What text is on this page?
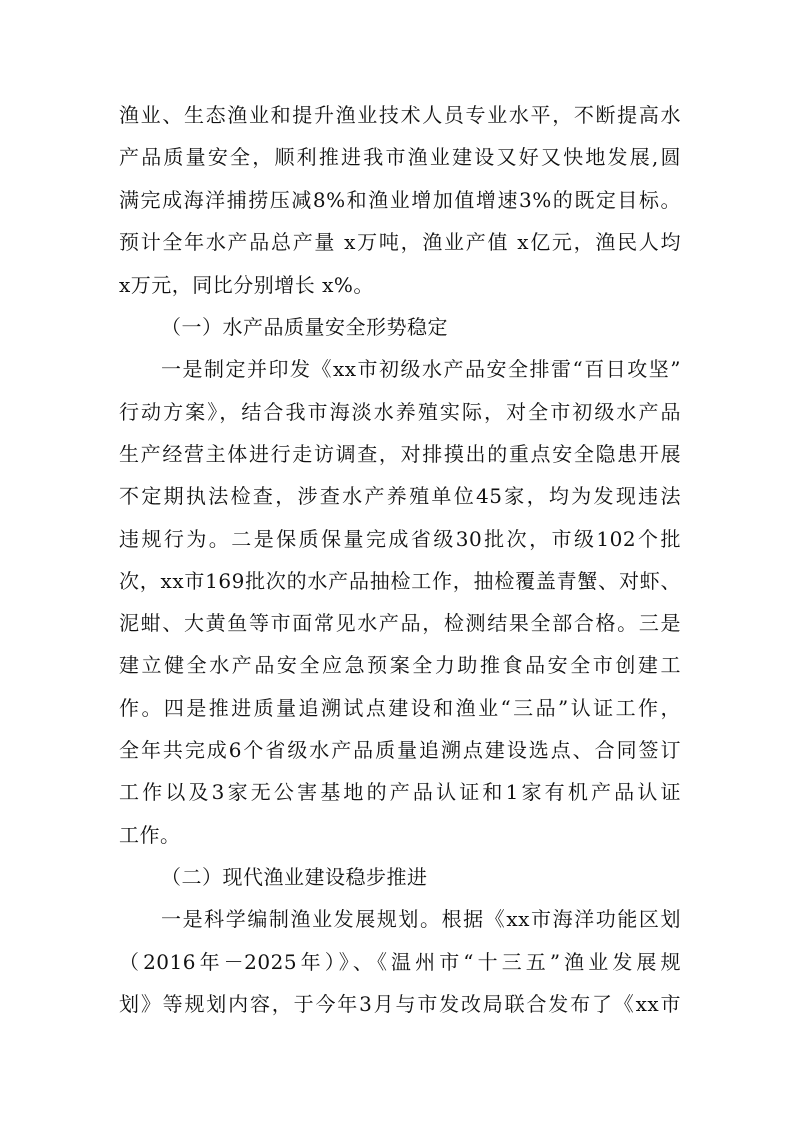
渔业、生态渔业和提升渔业技术人员专业水平，不断提高水
产品质量安全，顺利推进我市渔业建设又好又快地发展,圆
满完成海洋捕捞压减8%和渔业增加值增速3%的既定目标。
预计全年水产品总产量 x万吨，渔业产值 x亿元，渔民人均
x万元，同比分别增长 x%。
（一）水产品质量安全形势稳定
一是制定并印发《xx市初级水产品安全排雷“百日攻坚”
行动方案》，结合我市海淡水养殖实际，对全市初级水产品
生产经营主体进行走访调查，对排摸出的重点安全隐患开展
不定期执法检查，涉查水产养殖单位45家，均为发现违法
违规行为。二是保质保量完成省级30批次，市级102个批
次，xx市169批次的水产品抽检工作，抽检覆盖青蟹、对虾、
泥蚶、大黄鱼等市面常见水产品，检测结果全部合格。三是
建立健全水产品安全应急预案全力助推食品安全市创建工
作。四是推进质量追溯试点建设和渔业“三品”认证工作，
全年共完成6个省级水产品质量追溯点建设选点、合同签订
工作以及3家无公害基地的产品认证和1家有机产品认证
工作。
（二）现代渔业建设稳步推进
一是科学编制渔业发展规划。根据《xx市海洋功能区划
（2016年－2025年）》、《温州市“十三五”渔业发展规
划》等规划内容，于今年3月与市发改局联合发布了《xx市
